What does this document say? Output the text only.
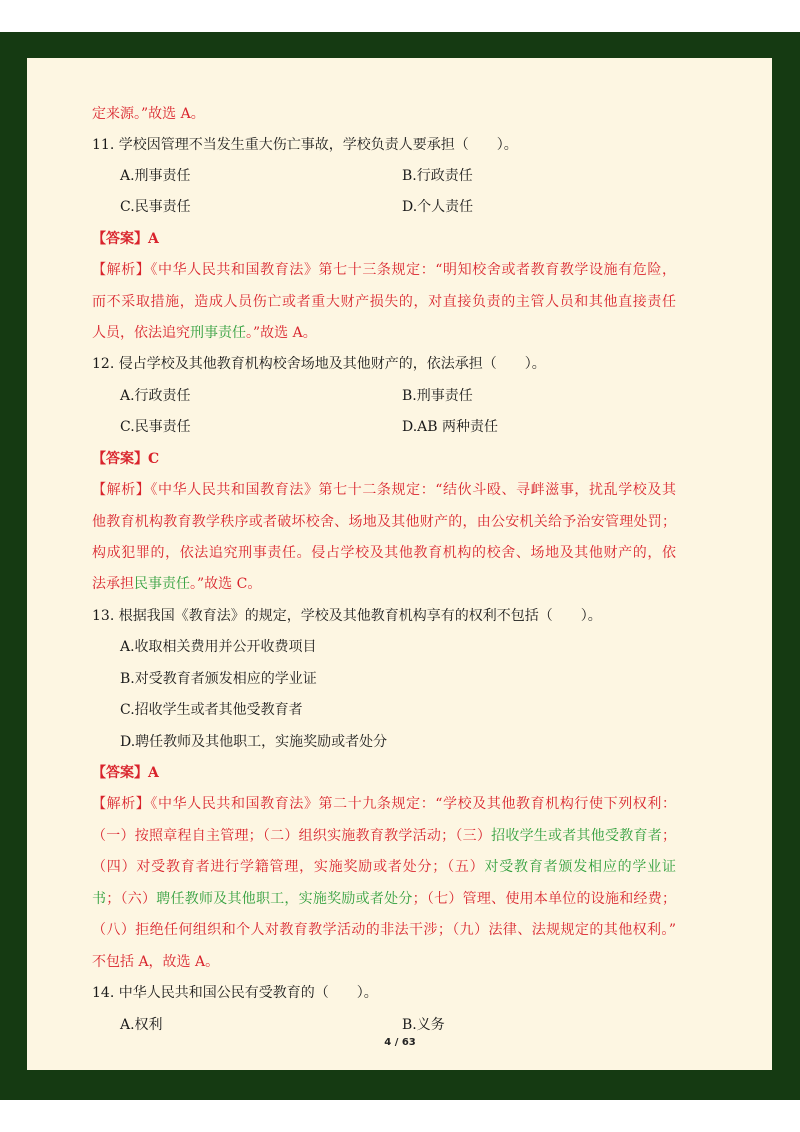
定来源。”故选 A。
11. 学校因管理不当发生重大伤亡事故，学校负责人要承担（　　）。
A.刑事责任	B.行政责任
C.民事责任	D.个人责任
【答案】A
【解析】《中华人民共和国教育法》第七十三条规定：“明知校舍或者教育教学设施有危险，
而不采取措施，造成人员伤亡或者重大财产损失的，对直接负责的主管人员和其他直接责任
人员，依法追究刑事责任。”故选 A。
12. 侵占学校及其他教育机构校舍场地及其他财产的，依法承担（　　）。
A.行政责任	B.刑事责任
C.民事责任	D.AB 两种责任
【答案】C
【解析】《中华人民共和国教育法》第七十二条规定：“结伙斗殴、寻衅滋事，扰乱学校及其
他教育机构教育教学秩序或者破坏校舍、场地及其他财产的，由公安机关给予治安管理处罚；
构成犯罪的，依法追究刑事责任。侵占学校及其他教育机构的校舍、场地及其他财产的，依
法承担民事责任。”故选 C。
13. 根据我国《教育法》的规定，学校及其他教育机构享有的权利不包括（　　）。
A.收取相关费用并公开收费项目
B.对受教育者颁发相应的学业证
C.招收学生或者其他受教育者
D.聘任教师及其他职工，实施奖励或者处分
【答案】A
【解析】《中华人民共和国教育法》第二十九条规定：“学校及其他教育机构行使下列权利：
（一）按照章程自主管理；（二）组织实施教育教学活动；（三）招收学生或者其他受教育者；
（四）对受教育者进行学籍管理，实施奖励或者处分；（五）对受教育者颁发相应的学业证
书；（六）聘任教师及其他职工，实施奖励或者处分；（七）管理、使用本单位的设施和经费；
（八）拒绝任何组织和个人对教育教学活动的非法干涉；（九）法律、法规规定的其他权利。”
不包括 A，故选 A。
14. 中华人民共和国公民有受教育的（　　）。
A.权利	B.义务
4 / 63
